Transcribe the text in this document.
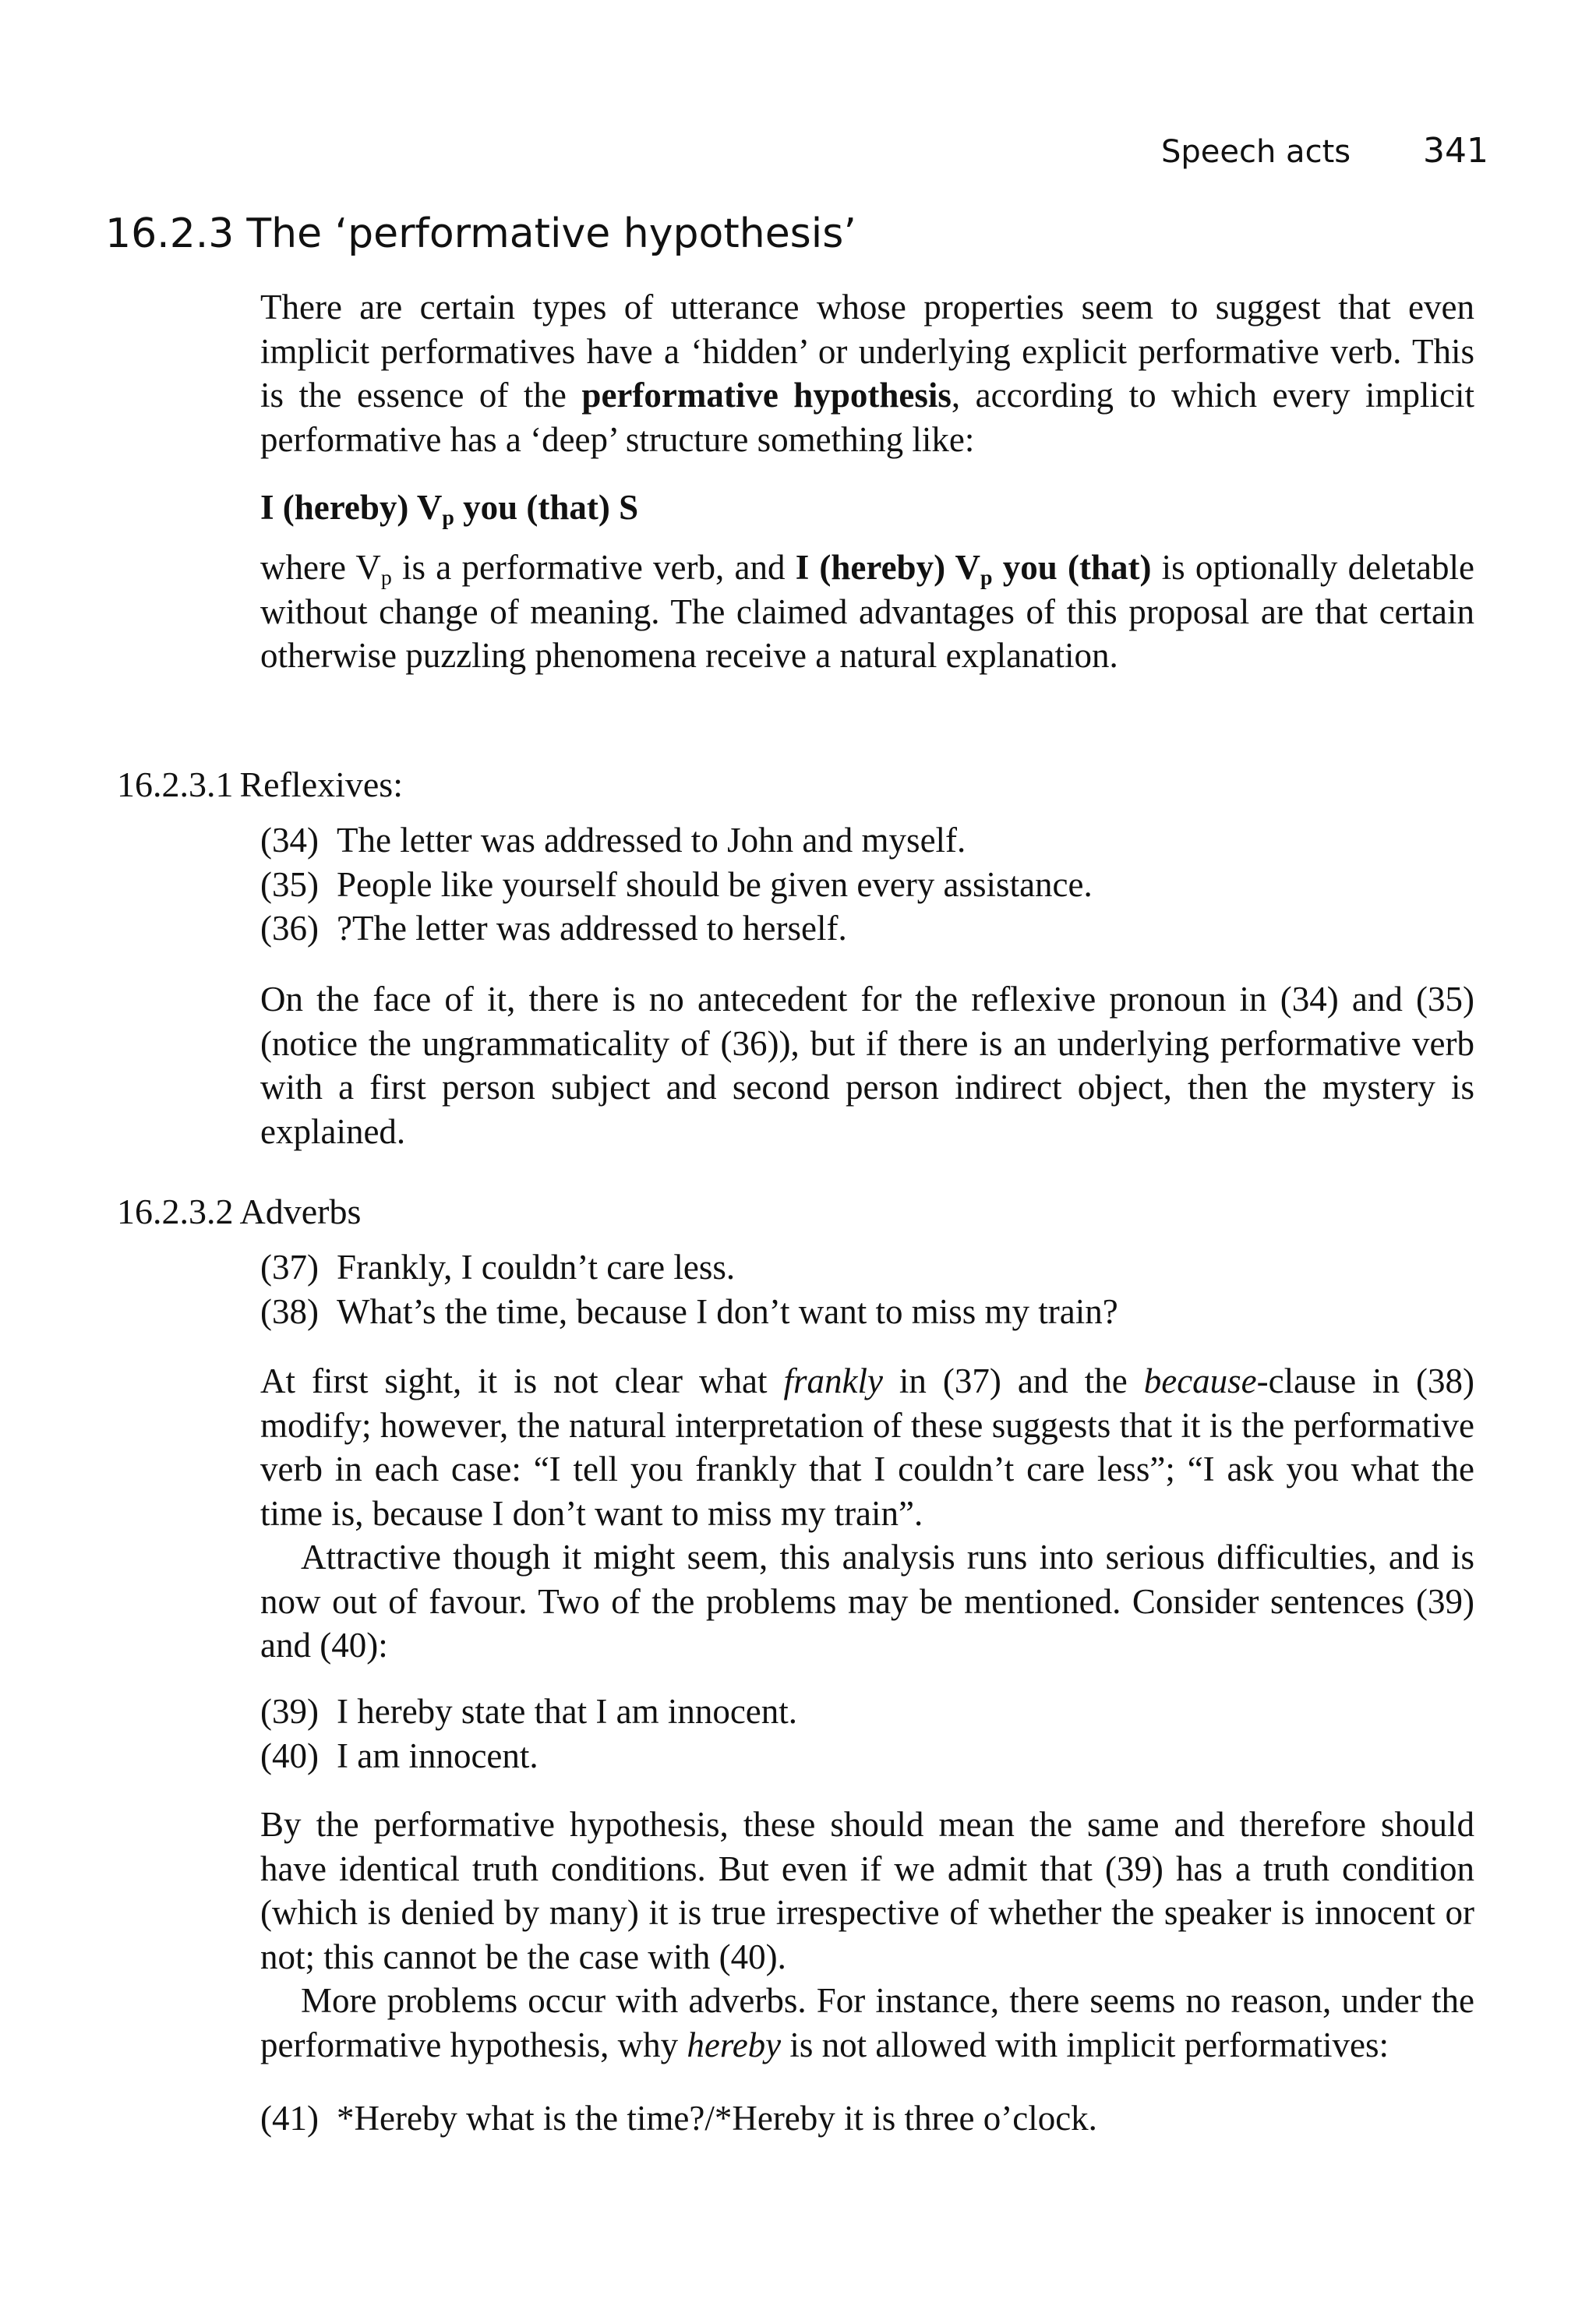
Speech acts 341
16.2.3 The ‘performative hypothesis’

There are certain types of utterance whose properties seem to suggest that even implicit performatives have a ‘hidden’ or underlying explicit performative verb. This is the essence of the performative hypothesis, according to which every implicit performative has a ‘deep’ structure something like:

I (hereby) $V_p$ you (that) S

where $V_p$ is a performative verb, and I (hereby) $V_p$ you (that) is optionally deletable without change of meaning. The claimed advantages of this proposal are that certain otherwise puzzling phenomena receive a natural explanation.

16.2.3.1 Reflexives:
(34) The letter was addressed to John and myself.
(35) People like yourself should be given every assistance.
(36) ?The letter was addressed to herself.

On the face of it, there is no antecedent for the reflexive pronoun in (34) and (35) (notice the ungrammaticality of (36)), but if there is an underlying performative verb with a first person subject and second person indirect object, then the mystery is explained.

16.2.3.2 Adverbs
(37) Frankly, I couldn’t care less.
(38) What’s the time, because I don’t want to miss my train?

At first sight, it is not clear what frankly in (37) and the because-clause in (38) modify; however, the natural interpretation of these suggests that it is the performative verb in each case: “I tell you frankly that I couldn’t care less”; “I ask you what the time is, because I don’t want to miss my train”.

Attractive though it might seem, this analysis runs into serious difficulties, and is now out of favour. Two of the problems may be mentioned. Consider sentences (39) and (40):

(39) I hereby state that I am innocent.
(40) I am innocent.

By the performative hypothesis, these should mean the same and therefore should have identical truth conditions. But even if we admit that (39) has a truth condition (which is denied by many) it is true irrespective of whether the speaker is innocent or not; this cannot be the case with (40).

More problems occur with adverbs. For instance, there seems no reason, under the performative hypothesis, why hereby is not allowed with implicit performatives:

(41) *Hereby what is the time?/*Hereby it is three o’clock.
